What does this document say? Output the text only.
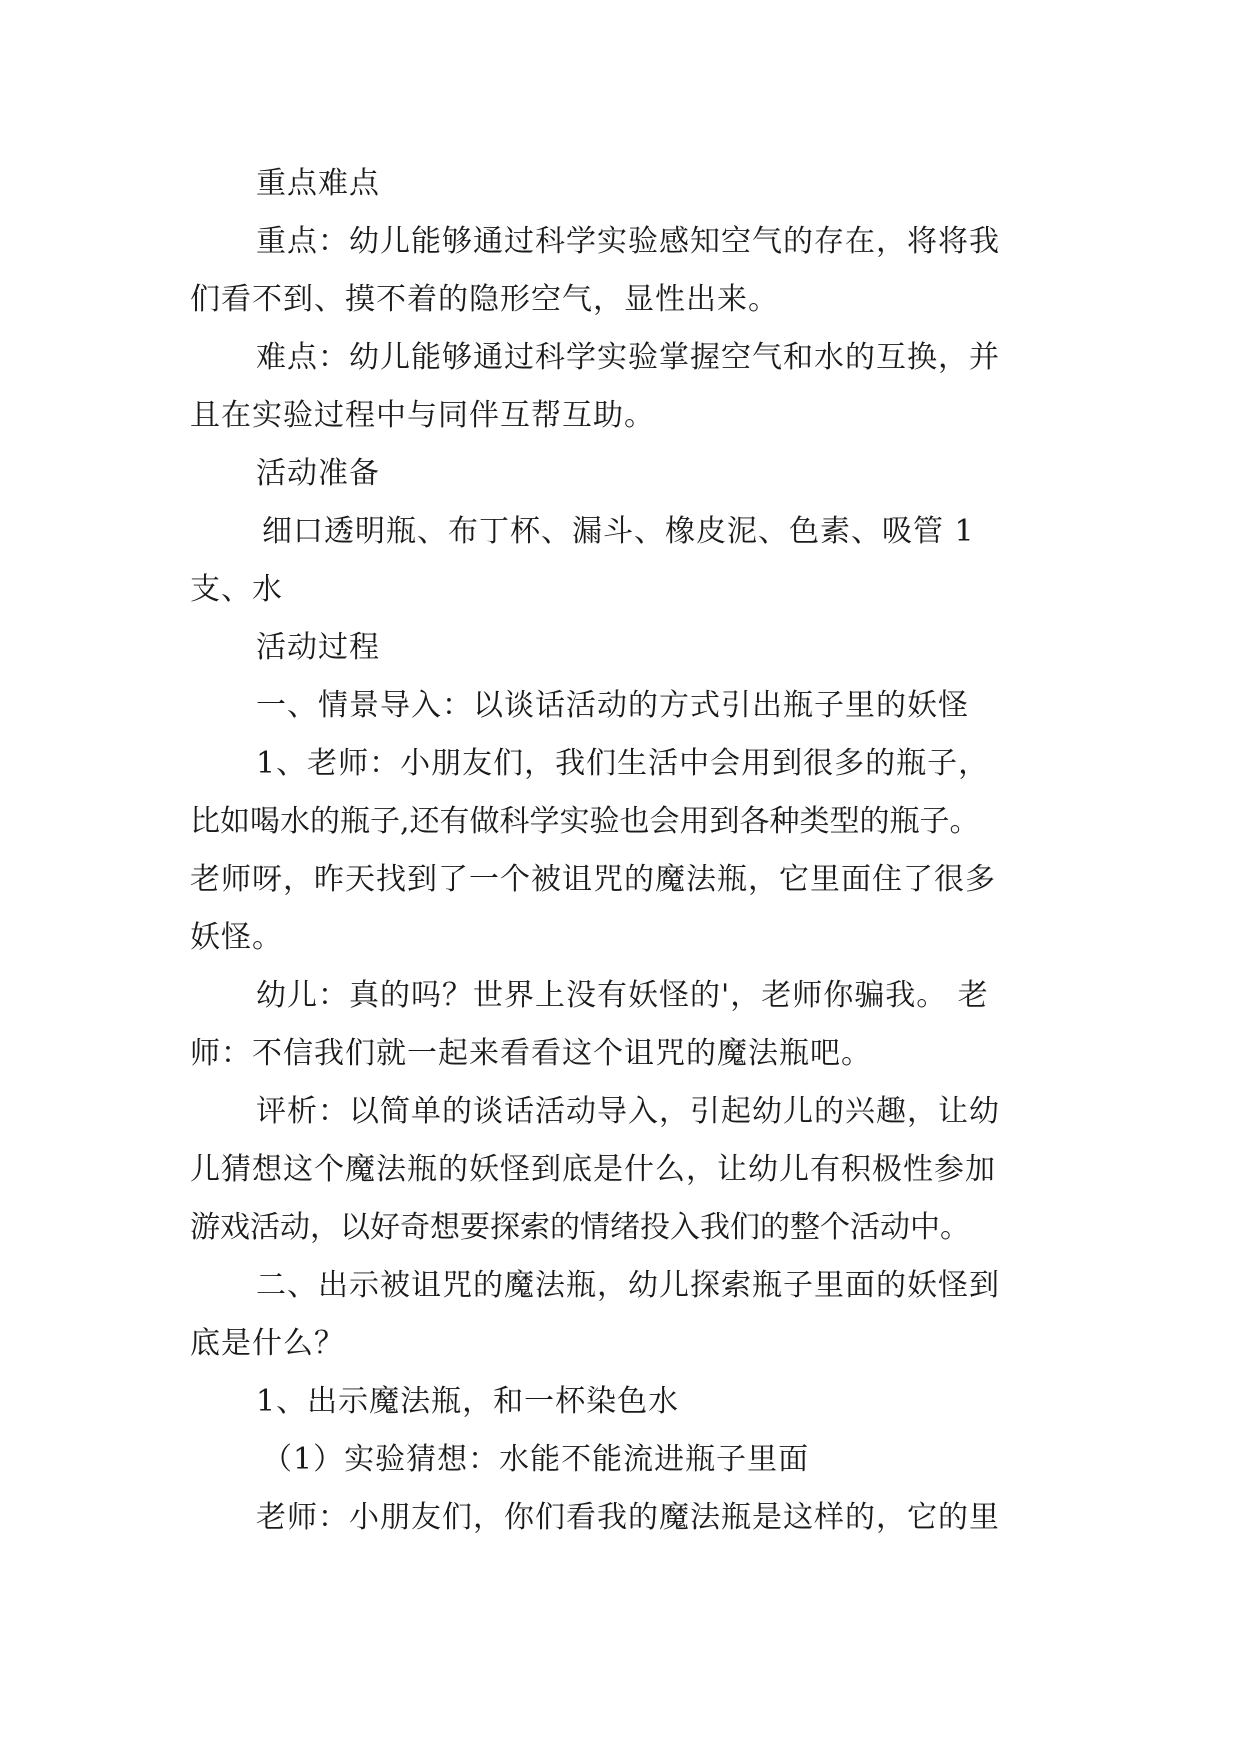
重点难点
重点：幼儿能够通过科学实验感知空气的存在，将将我
们看不到、摸不着的隐形空气，显性出来。
难点：幼儿能够通过科学实验掌握空气和水的互换，并
且在实验过程中与同伴互帮互助。
活动准备
细口透明瓶、布丁杯、漏斗、橡皮泥、色素、吸管 1
支、水
活动过程
一、情景导入：以谈话活动的方式引出瓶子里的妖怪
1、老师：小朋友们，我们生活中会用到很多的瓶子，
比如喝水的瓶子,还有做科学实验也会用到各种类型的瓶子。
老师呀，昨天找到了一个被诅咒的魔法瓶，它里面住了很多
妖怪。
幼儿：真的吗？世界上没有妖怪的'，老师你骗我。 老
师：不信我们就一起来看看这个诅咒的魔法瓶吧。
评析：以简单的谈话活动导入，引起幼儿的兴趣，让幼
儿猜想这个魔法瓶的妖怪到底是什么，让幼儿有积极性参加
游戏活动，以好奇想要探索的情绪投入我们的整个活动中。
二、出示被诅咒的魔法瓶，幼儿探索瓶子里面的妖怪到
底是什么？
1、出示魔法瓶，和一杯染色水
（1）实验猜想：水能不能流进瓶子里面
老师：小朋友们，你们看我的魔法瓶是这样的，它的里
